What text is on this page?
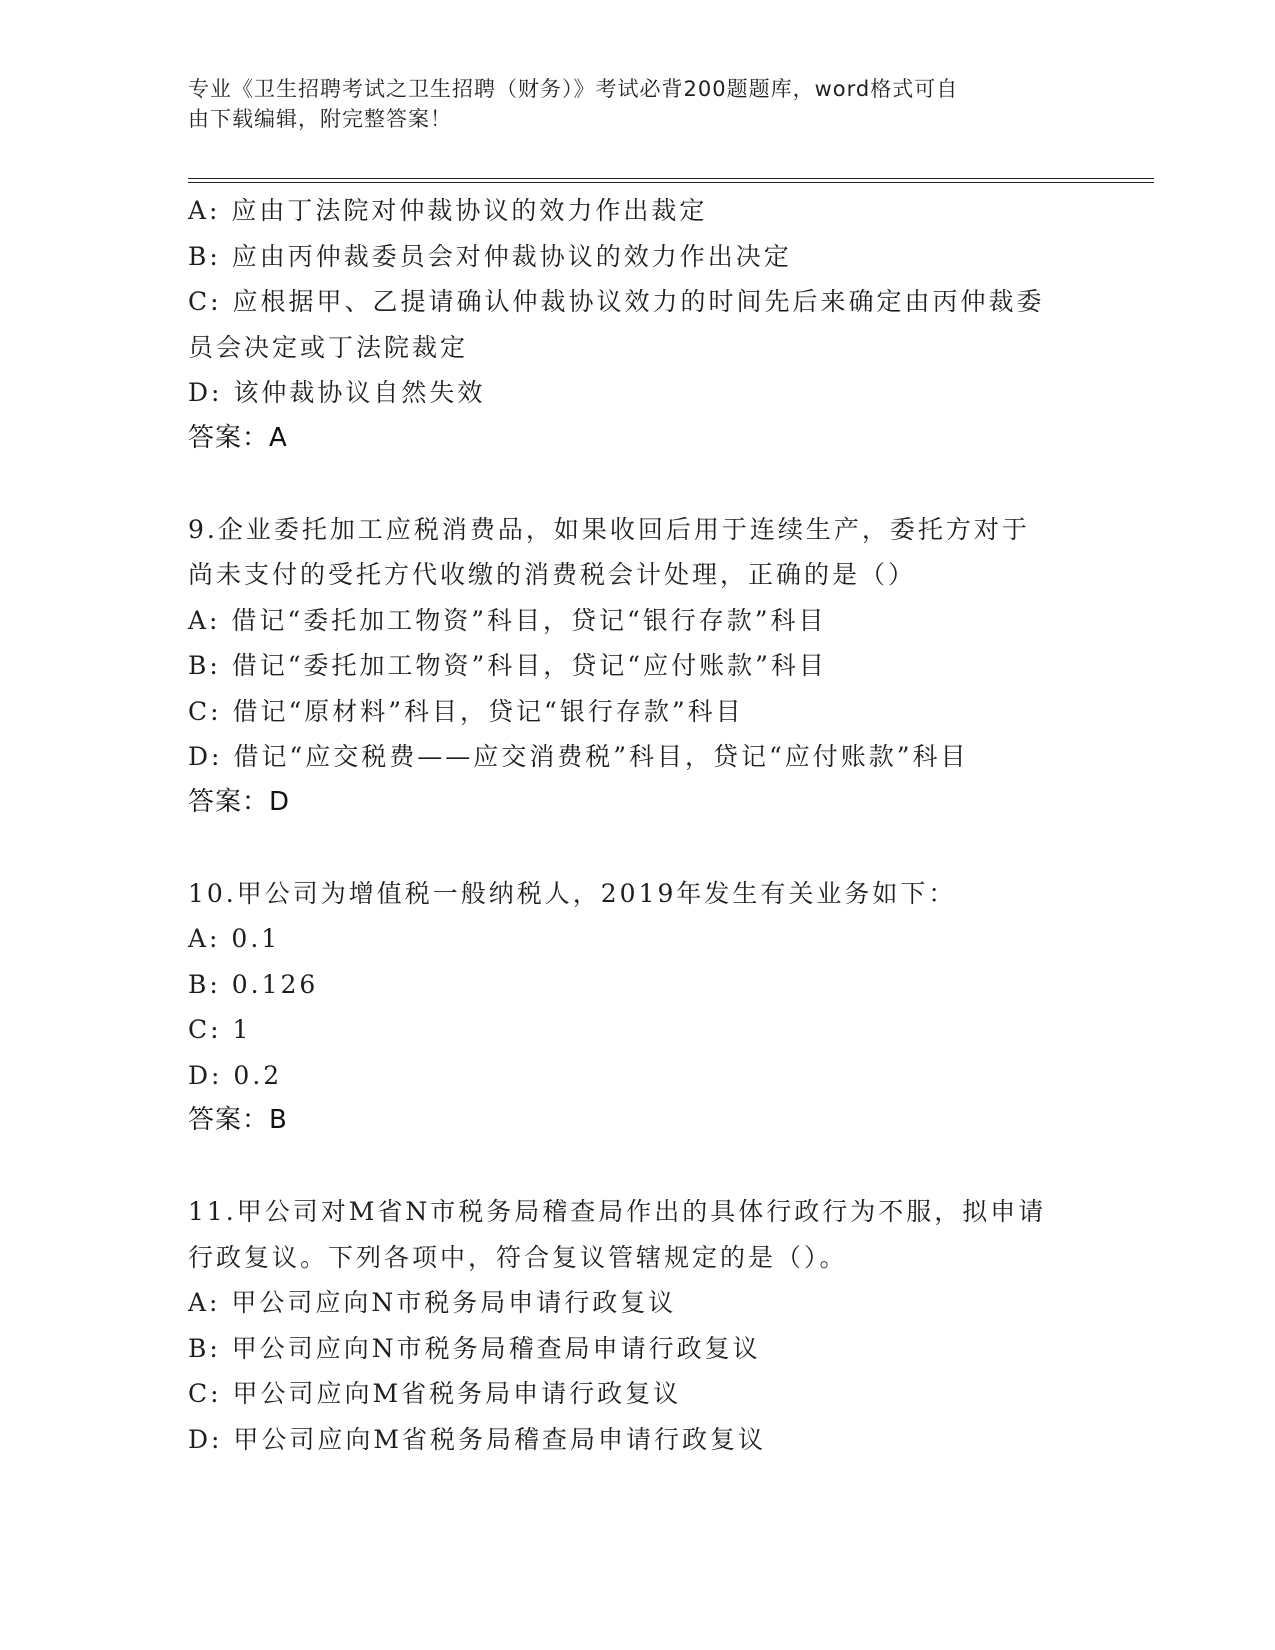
专业《卫生招聘考试之卫生招聘（财务）》考试必背200题题库，word格式可自
由下载编辑，附完整答案！
A: 应由丁法院对仲裁协议的效力作出裁定
B: 应由丙仲裁委员会对仲裁协议的效力作出决定
C: 应根据甲、乙提请确认仲裁协议效力的时间先后来确定由丙仲裁委
员会决定或丁法院裁定
D: 该仲裁协议自然失效
答案：A
9.企业委托加工应税消费品，如果收回后用于连续生产，委托方对于
尚未支付的受托方代收缴的消费税会计处理，正确的是（）
A: 借记“委托加工物资”科目，贷记“银行存款”科目
B: 借记“委托加工物资”科目，贷记“应付账款”科目
C: 借记“原材料”科目，贷记“银行存款”科目
D: 借记“应交税费——应交消费税”科目，贷记“应付账款”科目
答案：D
10.甲公司为增值税一般纳税人，2019年发生有关业务如下：
A: 0.1
B: 0.126
C: 1
D: 0.2
答案：B
11.甲公司对M省N市税务局稽查局作出的具体行政行为不服，拟申请
行政复议。下列各项中，符合复议管辖规定的是（）。
A: 甲公司应向N市税务局申请行政复议
B: 甲公司应向N市税务局稽查局申请行政复议
C: 甲公司应向M省税务局申请行政复议
D: 甲公司应向M省税务局稽查局申请行政复议
